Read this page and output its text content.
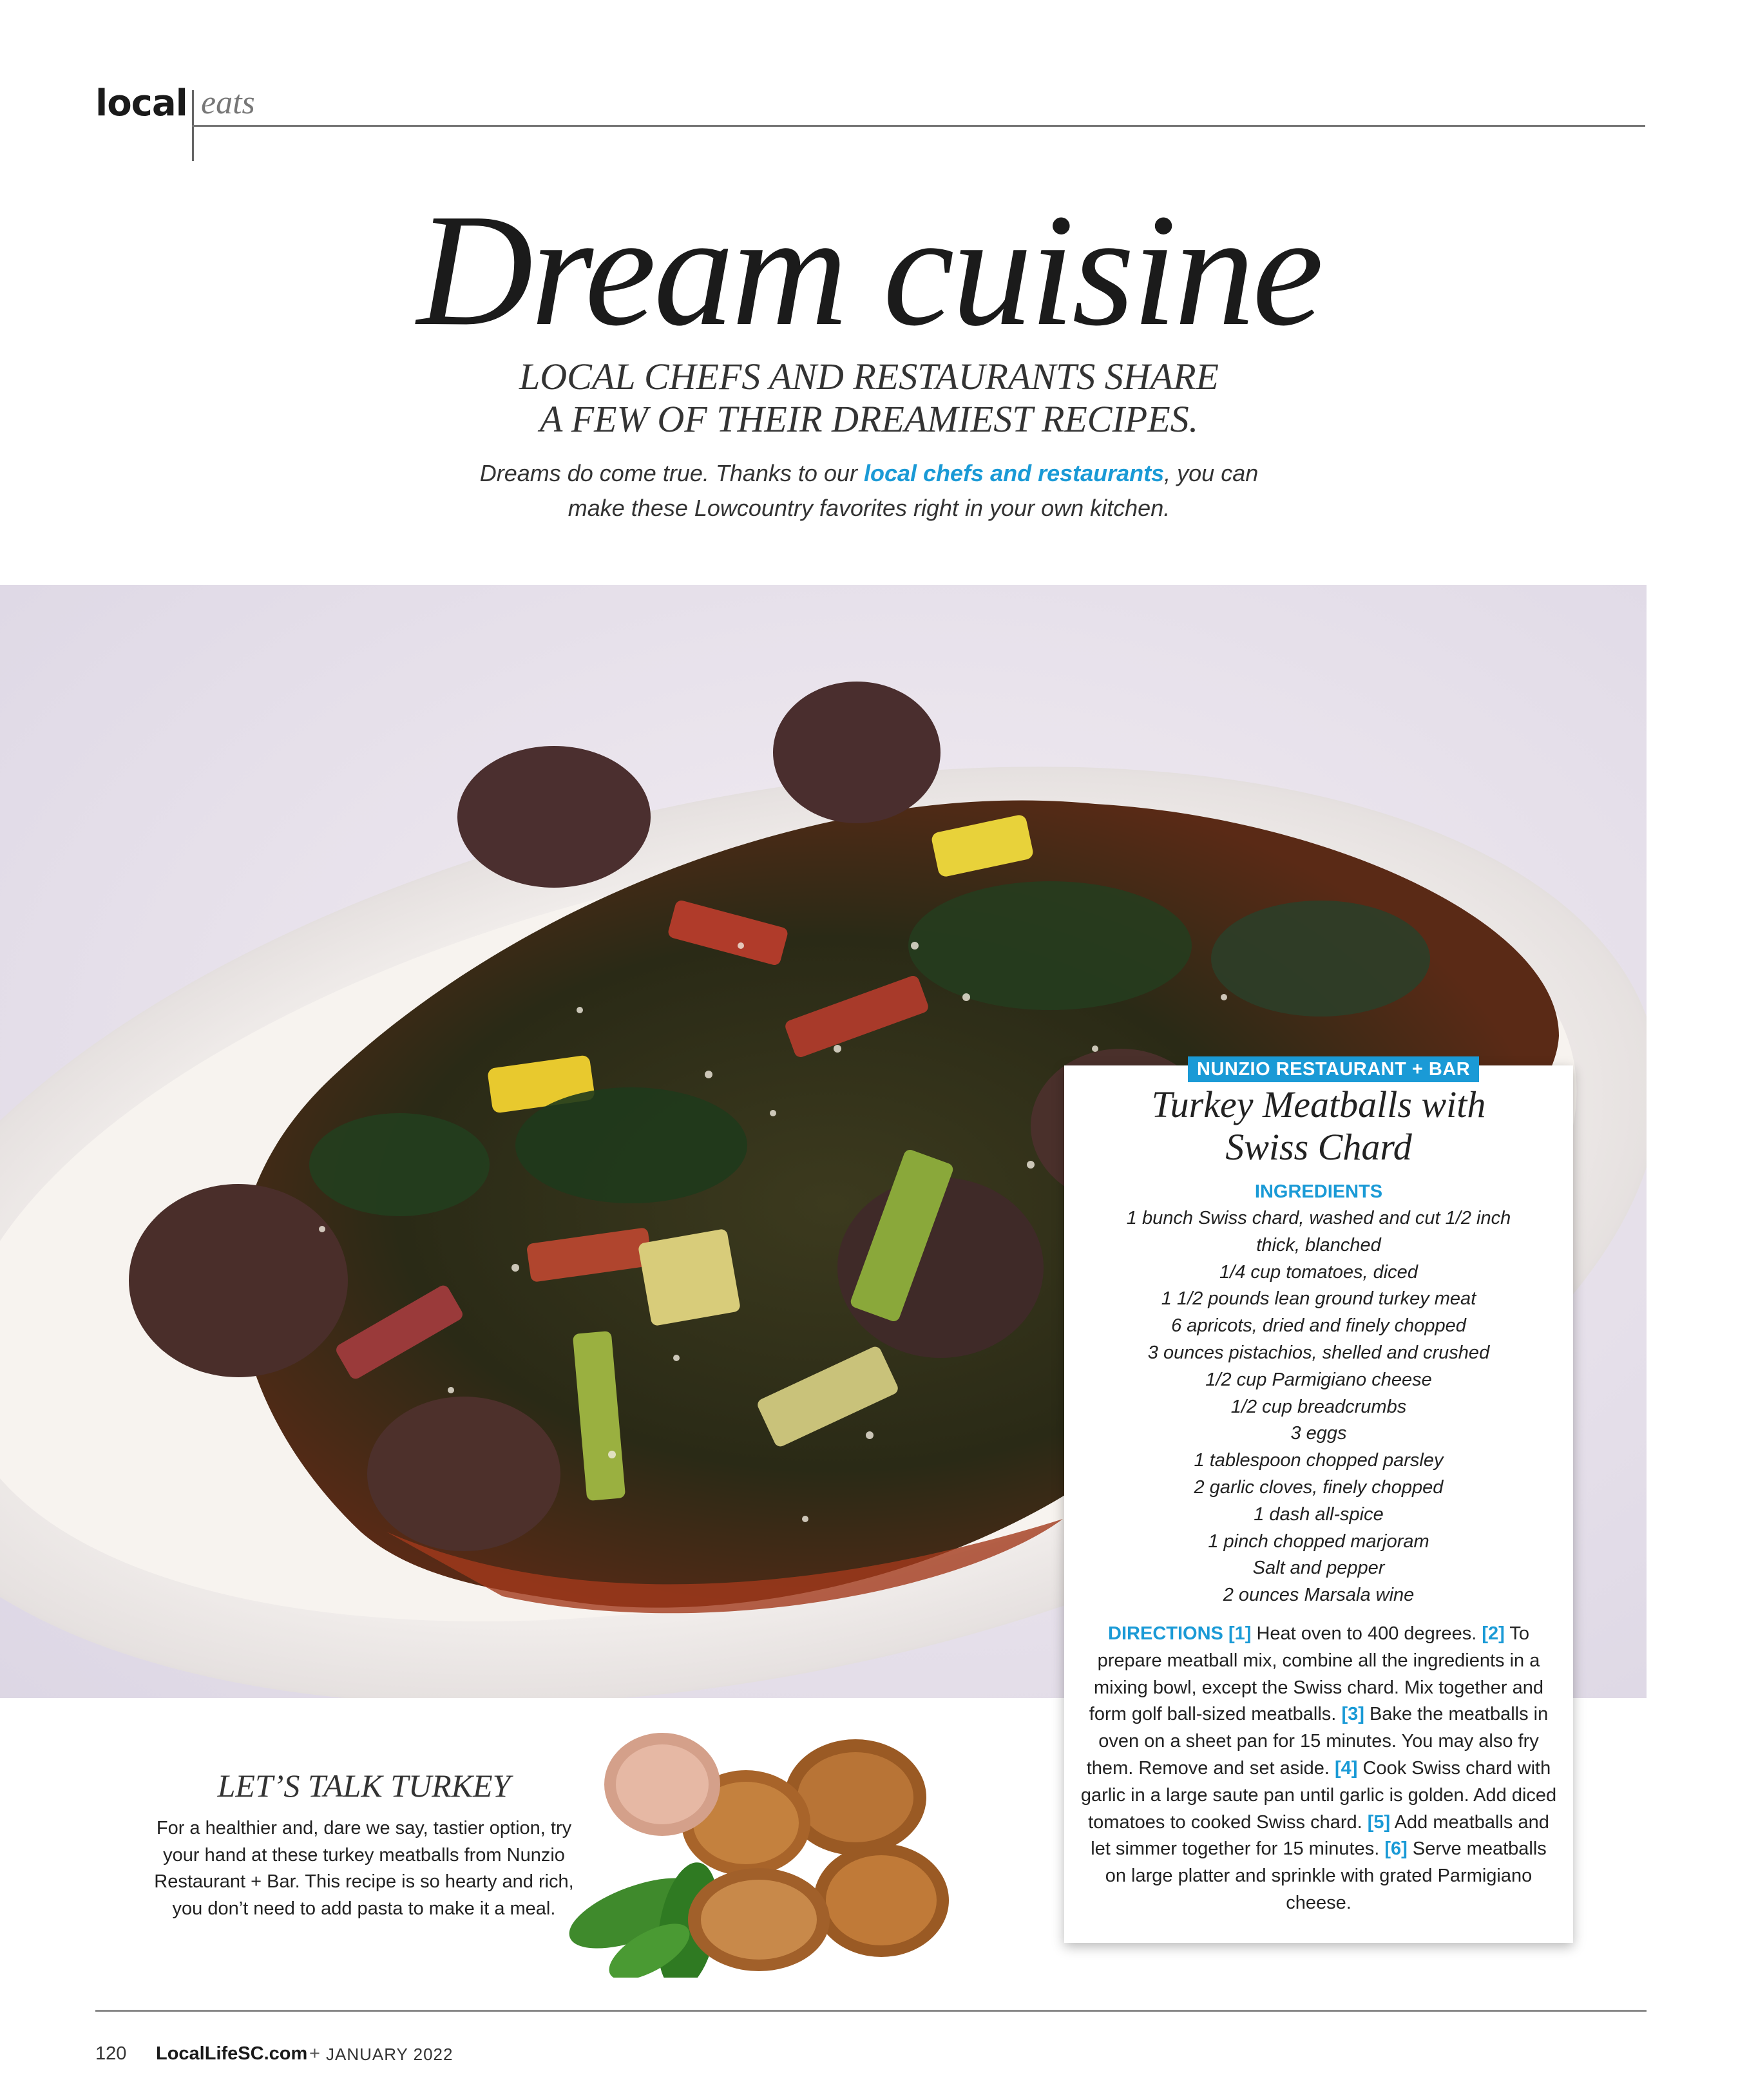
local eats
Dream cuisine
LOCAL CHEFS AND RESTAURANTS SHARE
A FEW OF THEIR DREAMIEST RECIPES.
Dreams do come true. Thanks to our local chefs and restaurants, you can
make these Lowcountry favorites right in your own kitchen.
NUNZIO RESTAURANT + BAR
Turkey Meatballs with
Swiss Chard
INGREDIENTS
1 bunch Swiss chard, washed and cut 1/2 inch
thick, blanched
1/4 cup tomatoes, diced
1 1/2 pounds lean ground turkey meat
6 apricots, dried and finely chopped
3 ounces pistachios, shelled and crushed
1/2 cup Parmigiano cheese
1/2 cup breadcrumbs
3 eggs
1 tablespoon chopped parsley
2 garlic cloves, finely chopped
1 dash all-spice
1 pinch chopped marjoram
Salt and pepper
2 ounces Marsala wine
DIRECTIONS [1] Heat oven to 400 degrees. [2] To prepare meatball mix, combine all the ingredients in a mixing bowl, except the Swiss chard. Mix together and form golf ball-sized meatballs. [3] Bake the meatballs in oven on a sheet pan for 15 minutes. You may also fry them. Remove and set aside. [4] Cook Swiss chard with garlic in a large saute pan until garlic is golden. Add diced tomatoes to cooked Swiss chard. [5] Add meatballs and let simmer together for 15 minutes. [6] Serve meatballs on large platter and sprinkle with grated Parmigiano cheese.
LET’S TALK TURKEY
For a healthier and, dare we say, tastier option, try your hand at these turkey meatballs from Nunzio Restaurant + Bar. This recipe is so hearty and rich, you don’t need to add pasta to make it a meal.
120 LocalLifeSC.com + JANUARY 2022
